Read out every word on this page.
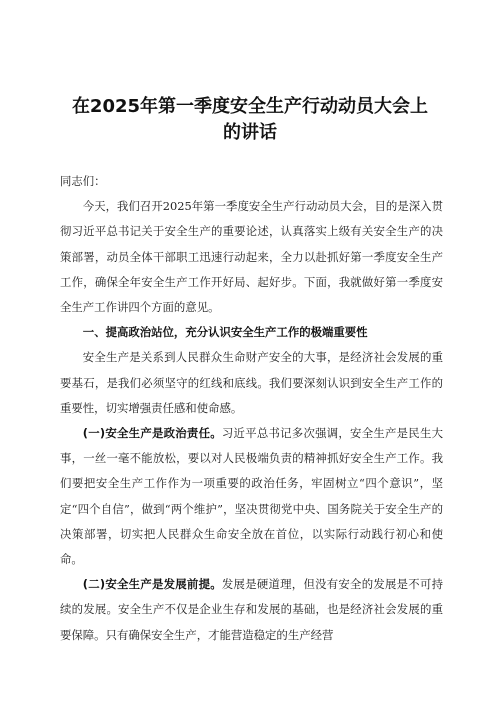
在2025年第一季度安全生产行动动员大会上
的讲话

同志们：

今天，我们召开2025年第一季度安全生产行动动员大会，目的是深入贯彻习近平总书记关于安全生产的重要论述，认真落实上级有关安全生产的决策部署，动员全体干部职工迅速行动起来，全力以赴抓好第一季度安全生产工作，确保全年安全生产工作开好局、起好步。下面，我就做好第一季度安全生产工作讲四个方面的意见。

一、提高政治站位，充分认识安全生产工作的极端重要性

安全生产是关系到人民群众生命财产安全的大事，是经济社会发展的重要基石，是我们必须坚守的红线和底线。我们要深刻认识到安全生产工作的重要性，切实增强责任感和使命感。

(一)安全生产是政治责任。习近平总书记多次强调，安全生产是民生大事，一丝一毫不能放松，要以对人民极端负责的精神抓好安全生产工作。我们要把安全生产工作作为一项重要的政治任务，牢固树立“四个意识”，坚定“四个自信”，做到“两个维护”，坚决贯彻党中央、国务院关于安全生产的决策部署，切实把人民群众生命安全放在首位，以实际行动践行初心和使命。

(二)安全生产是发展前提。发展是硬道理，但没有安全的发展是不可持续的发展。安全生产不仅是企业生存和发展的基础，也是经济社会发展的重要保障。只有确保安全生产，才能营造稳定的生产经营
